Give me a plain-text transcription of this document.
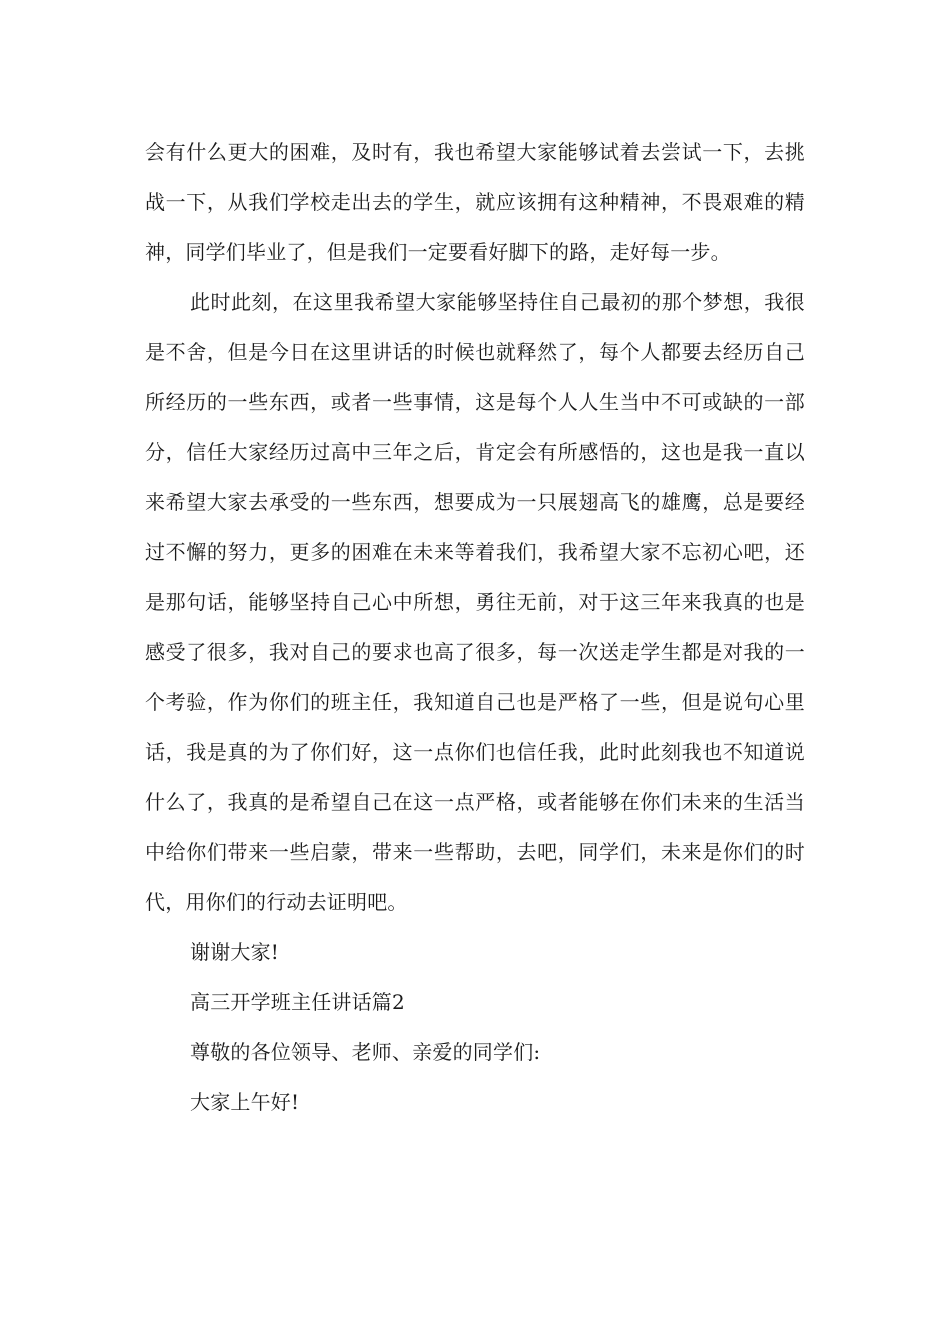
会有什么更大的困难，及时有，我也希望大家能够试着去尝试一下，去挑战一下，从我们学校走出去的学生，就应该拥有这种精神，不畏艰难的精神，同学们毕业了，但是我们一定要看好脚下的路，走好每一步。

此时此刻，在这里我希望大家能够坚持住自己最初的那个梦想，我很是不舍，但是今日在这里讲话的时候也就释然了，每个人都要去经历自己所经历的一些东西，或者一些事情，这是每个人人生当中不可或缺的一部分，信任大家经历过高中三年之后，肯定会有所感悟的，这也是我一直以来希望大家去承受的一些东西，想要成为一只展翅高飞的雄鹰，总是要经过不懈的努力，更多的困难在未来等着我们，我希望大家不忘初心吧，还是那句话，能够坚持自己心中所想，勇往无前，对于这三年来我真的也是感受了很多，我对自己的要求也高了很多，每一次送走学生都是对我的一个考验，作为你们的班主任，我知道自己也是严格了一些，但是说句心里话，我是真的为了你们好，这一点你们也信任我，此时此刻我也不知道说什么了，我真的是希望自己在这一点严格，或者能够在你们未来的生活当中给你们带来一些启蒙，带来一些帮助，去吧，同学们，未来是你们的时代，用你们的行动去证明吧。

谢谢大家!

高三开学班主任讲话篇2

尊敬的各位领导、老师、亲爱的同学们:

大家上午好!
